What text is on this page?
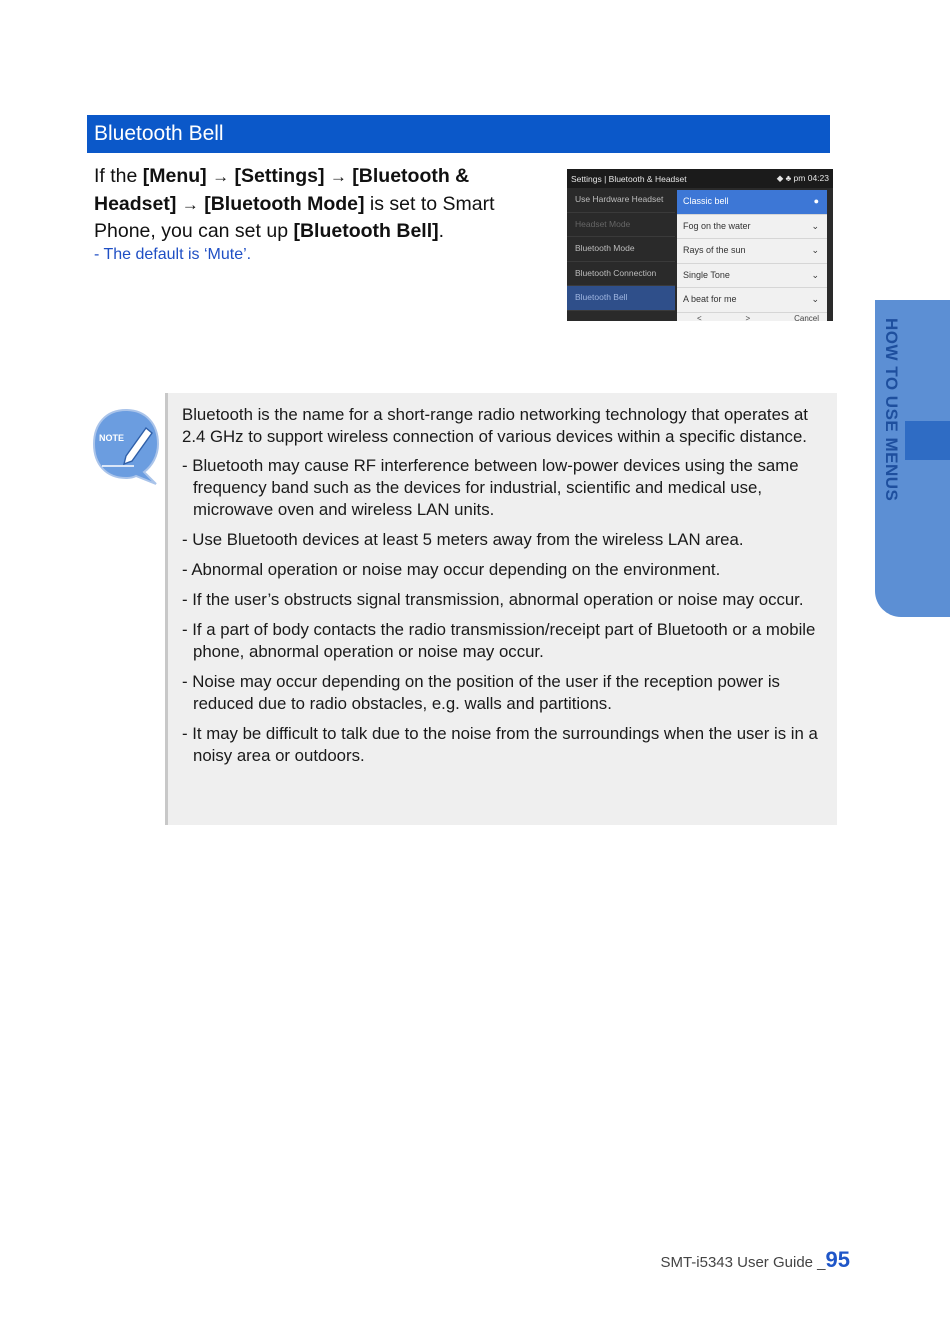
Bluetooth Bell
If the [Menu] → [Settings] → [Bluetooth & Headset] → [Bluetooth Mode] is set to Smart Phone, you can set up [Bluetooth Bell].
- The default is ‘Mute’.
Settings | Bluetooth & Headset	◆ ♣ pm 04:23
Use Hardware Headset
Headset Mode
Bluetooth Mode
Bluetooth Connection
Bluetooth Bell
Classic bell	●
Fog on the water	⌄
Rays of the sun	⌄
Single Tone	⌄
A beat for me	⌄
<	>	Cancel	HOW TO USE MENUS
NOTE

Bluetooth is the name for a short-range radio networking technology that operates at 2.4 GHz to support wireless connection of various devices within a specific distance.

- Bluetooth may cause RF interference between low-power devices using the same frequency band such as the devices for industrial, scientific and medical use, microwave oven and wireless LAN units.

- Use Bluetooth devices at least 5 meters away from the wireless LAN area.

- Abnormal operation or noise may occur depending on the environment.

- If the user’s obstructs signal transmission, abnormal operation or noise may occur.

- If a part of body contacts the radio transmission/receipt part of Bluetooth or a mobile phone, abnormal operation or noise may occur.

- Noise may occur depending on the position of the user if the reception power is reduced due to radio obstacles, e.g. walls and partitions.

- It may be difficult to talk due to the noise from the surroundings when the user is in a noisy area or outdoors.

SMT-i5343 User Guide _95
